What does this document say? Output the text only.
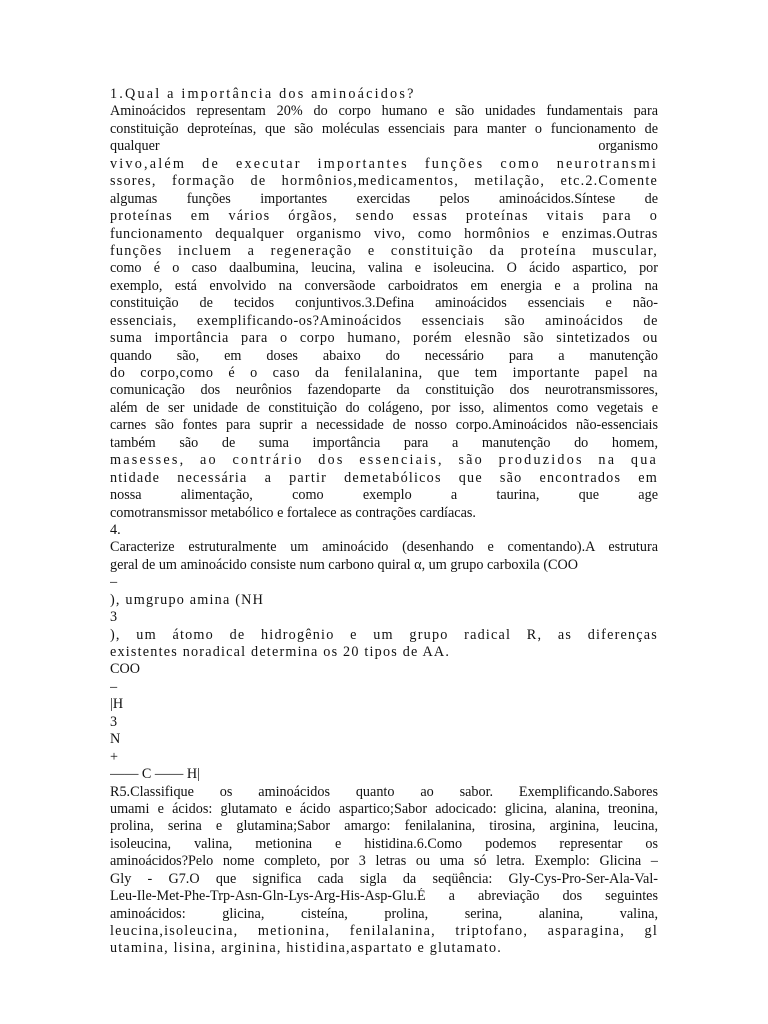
1.Qual a importância dos aminoácidos?
Aminoácidos representam 20% do corpo humano e são unidades fundamentais para
constituição deproteínas, que são moléculas essenciais para manter o funcionamento de
qualquer organismo
vivo,além de executar importantes funções como neurotransmi
ssores, formação de hormônios,medicamentos, metilação, etc.2.Comente
algumas funções importantes exercidas pelos aminoácidos.Síntese de
proteínas em vários órgãos, sendo essas proteínas vitais para o
funcionamento dequalquer organismo vivo, como hormônios e enzimas.Outras
funções incluem a regeneração e constituição da proteína muscular,
como é o caso daalbumina, leucina, valina e isoleucina. O ácido aspartico, por
exemplo, está envolvido na conversãode carboidratos em energia e a prolina na
constituição de tecidos conjuntivos.3.Defina aminoácidos essenciais e não-
essenciais, exemplificando-os?Aminoácidos essenciais são aminoácidos de
suma importância para o corpo humano, porém elesnão são sintetizados ou
quando são, em doses abaixo do necessário para a manutenção
do corpo,como é o caso da fenilalanina, que tem importante papel na
comunicação dos neurônios fazendoparte da constituição dos neurotransmissores,
além de ser unidade de constituição do colágeno, por isso, alimentos como vegetais e
carnes são fontes para suprir a necessidade de nosso corpo.Aminoácidos não-essenciais
também são de suma importância para a manutenção do homem,
masesses, ao contrário dos essenciais, são produzidos na qua
ntidade necessária a partir demetabólicos que são encontrados em
nossa alimentação, como exemplo a taurina, que age
comotransmissor metabólico e fortalece as contrações cardíacas.
4.
Caracterize estruturalmente um aminoácido (desenhando e comentando).A estrutura
geral de um aminoácido consiste num carbono quiral α, um grupo carboxila (COO
–
), umgrupo amina (NH
3
), um átomo de hidrogênio e um grupo radical R, as diferenças
existentes noradical determina os 20 tipos de AA.
COO
–
|H
3
N
+
—— C —— H|
R5.Classifique os aminoácidos quanto ao sabor. Exemplificando.Sabores
umami e ácidos: glutamato e ácido aspartico;Sabor adocicado: glicina, alanina, treonina,
prolina, serina e glutamina;Sabor amargo: fenilalanina, tirosina, arginina, leucina,
isoleucina, valina, metionina e histidina.6.Como podemos representar os
aminoácidos?Pelo nome completo, por 3 letras ou uma só letra. Exemplo: Glicina –
Gly - G7.O que significa cada sigla da seqüência: Gly-Cys-Pro-Ser-Ala-Val-
Leu-Ile-Met-Phe-Trp-Asn-Gln-Lys-Arg-His-Asp-Glu.É a abreviação dos seguintes
aminoácidos: glicina, cisteína, prolina, serina, alanina, valina,
leucina,isoleucina, metionina, fenilalanina, triptofano, asparagina, gl
utamina, lisina, arginina, histidina,aspartato e glutamato.
